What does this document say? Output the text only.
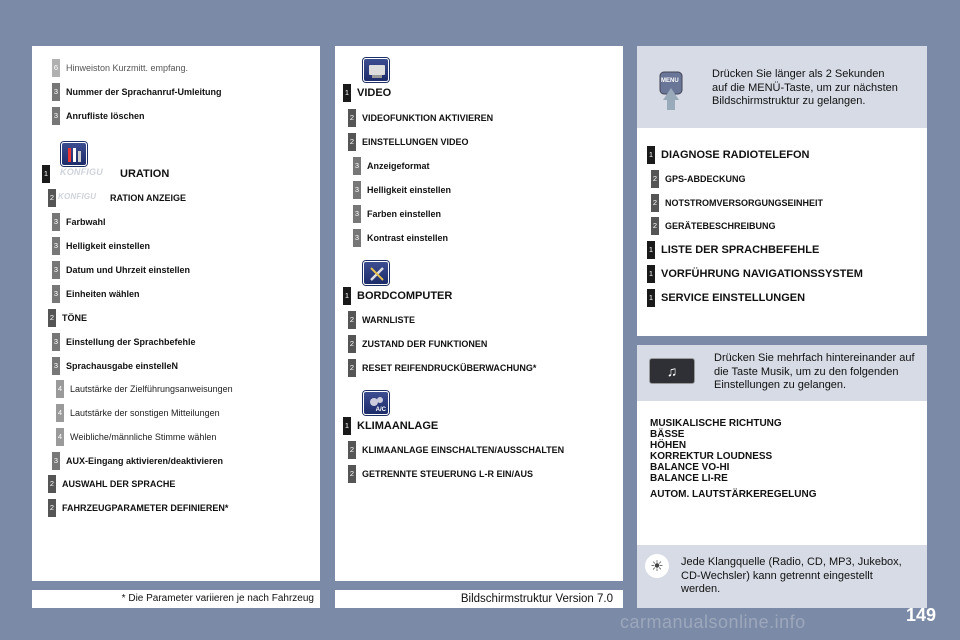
6 Hinweiston Kurzmitt. empfang.
3 Nummer der Sprachanruf-Umleitung
3 Anrufliste löschen
KONFIGU
1	URATION
KONFIGU
2	RATION ANZEIGE
3 Farbwahl
3 Helligkeit einstellen
3 Datum und Uhrzeit einstellen
3 Einheiten wählen
2 TÖNE
3 Einstellung der Sprachbefehle
3 Sprachausgabe einstelleN
4 Lautstärke der Zielführungsanweisungen
4 Lautstärke der sonstigen Mitteilungen
4 Weibliche/männliche Stimme wählen
3 AUX-Eingang aktivieren/deaktivieren
2 AUSWAHL DER SPRACHE
2 FAHRZEUGPARAMETER DEFINIEREN*
1 VIDEO
2 VIDEOFUNKTION AKTIVIEREN
2 EINSTELLUNGEN VIDEO
3 Anzeigeformat
3 Helligkeit einstellen
3 Farben einstellen
3 Kontrast einstellen
1 BORDCOMPUTER
2 WARNLISTE
2 ZUSTAND DER FUNKTIONEN
2 RESET REIFENDRUCKÜBERWACHUNG*
A/C
1 KLIMAANLAGE
2 KLIMAANLAGE EINSCHALTEN/AUSSCHALTEN
2 GETRENNTE STEUERUNG L-R EIN/AUS
MENU
Drücken Sie länger als 2 Sekunden
auf die MENÜ-Taste, um zur nächsten
Bildschirmstruktur zu gelangen.
1 DIAGNOSE RADIOTELEFON
2 GPS-ABDECKUNG
2 NOTSTROMVERSORGUNGSEINHEIT
2 GERÄTEBESCHREIBUNG
1 LISTE DER SPRACHBEFEHLE
1 VORFÜHRUNG NAVIGATIONSSYSTEM
1 SERVICE EINSTELLUNGEN
♫
Drücken Sie mehrfach hintereinander auf
die Taste Musik, um zu den folgenden
Einstellungen zu gelangen.
MUSIKALISCHE RICHTUNG
BÄSSE
HÖHEN
KORREKTUR LOUDNESS
BALANCE VO-HI
BALANCE LI-RE
AUTOM. LAUTSTÄRKEREGELUNG
☀	Jede Klangquelle (Radio, CD, MP3, Jukebox,
CD-Wechsler) kann getrennt eingestellt
werden.
* Die Parameter variieren je nach Fahrzeug	Bildschirmstruktur Version 7.0
149
carmanualsonline.info
